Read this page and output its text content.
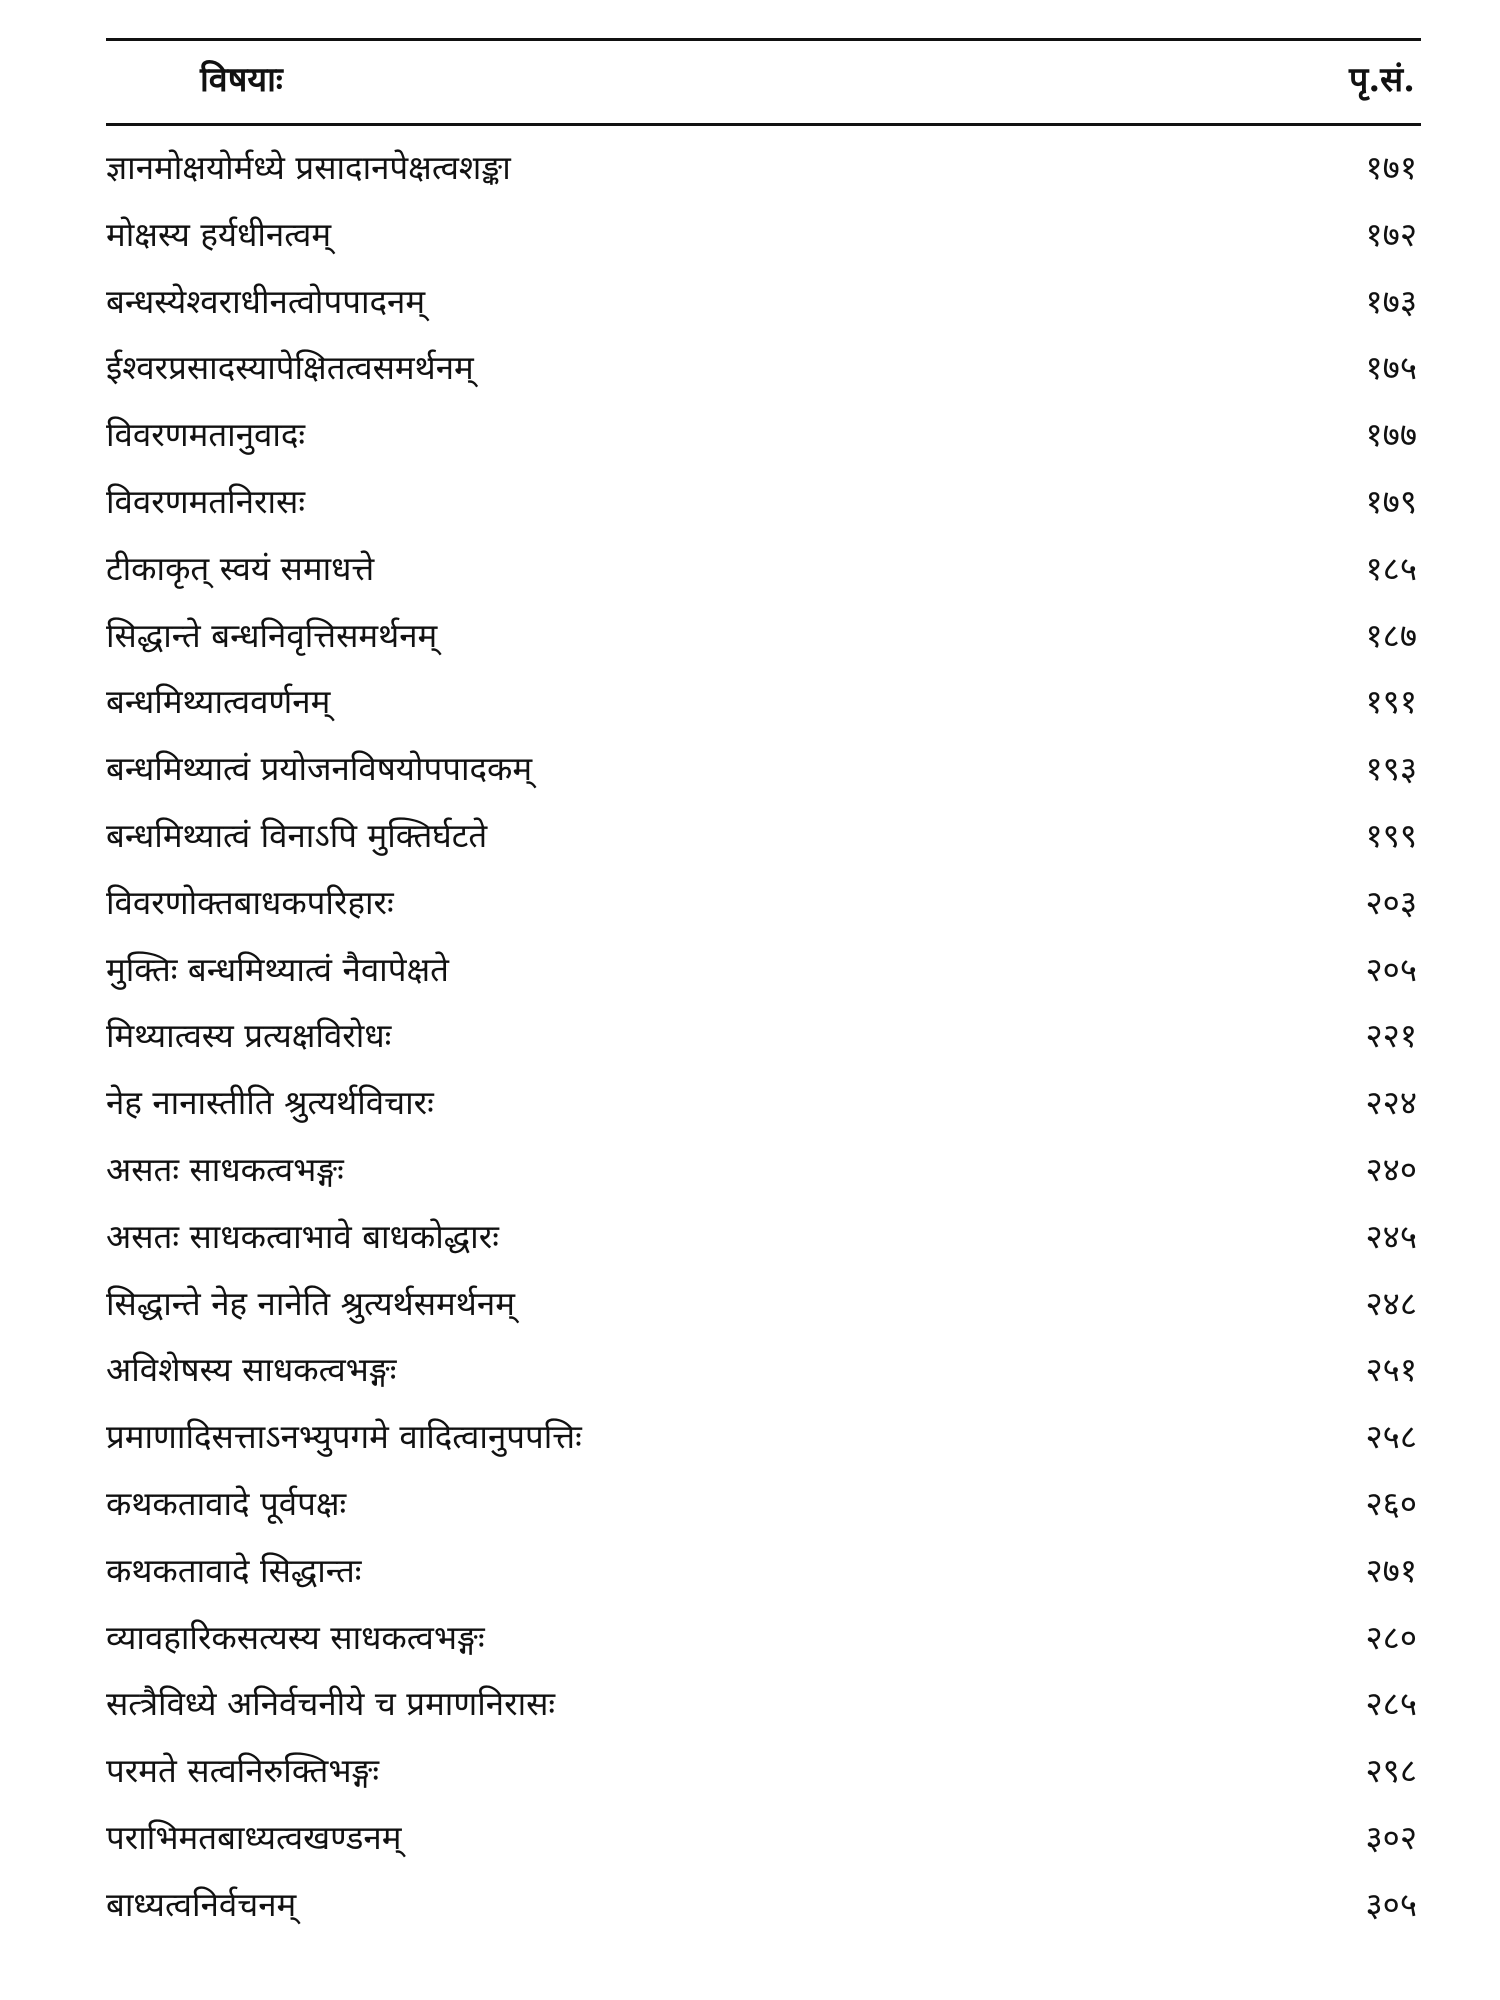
विषयाः	पृ.सं.
ज्ञानमोक्षयोर्मध्ये प्रसादानपेक्षत्वशङ्का	१७१
मोक्षस्य हर्यधीनत्वम्	१७२
बन्धस्येश्वराधीनत्वोपपादनम्	१७३
ईश्वरप्रसादस्यापेक्षितत्वसमर्थनम्	१७५
विवरणमतानुवादः	१७७
विवरणमतनिरासः	१७९
टीकाकृत् स्वयं समाधत्ते	१८५
सिद्धान्ते बन्धनिवृत्तिसमर्थनम्	१८७
बन्धमिथ्यात्ववर्णनम्	१९१
बन्धमिथ्यात्वं प्रयोजनविषयोपपादकम्	१९३
बन्धमिथ्यात्वं विनाऽपि मुक्तिर्घटते	१९९
विवरणोक्तबाधकपरिहारः	२०३
मुक्तिः बन्धमिथ्यात्वं नैवापेक्षते	२०५
मिथ्यात्वस्य प्रत्यक्षविरोधः	२२१
नेह नानास्तीति श्रुत्यर्थविचारः	२२४
असतः साधकत्वभङ्गः	२४०
असतः साधकत्वाभावे बाधकोद्धारः	२४५
सिद्धान्ते नेह नानेति श्रुत्यर्थसमर्थनम्	२४८
अविशेषस्य साधकत्वभङ्गः	२५१
प्रमाणादिसत्ताऽनभ्युपगमे वादित्वानुपपत्तिः	२५८
कथकतावादे पूर्वपक्षः	२६०
कथकतावादे सिद्धान्तः	२७१
व्यावहारिकसत्यस्य साधकत्वभङ्गः	२८०
सत्त्रैविध्ये अनिर्वचनीये च प्रमाणनिरासः	२८५
परमते सत्वनिरुक्तिभङ्गः	२९८
पराभिमतबाध्यत्वखण्डनम्	३०२
बाध्यत्वनिर्वचनम्	३०५
